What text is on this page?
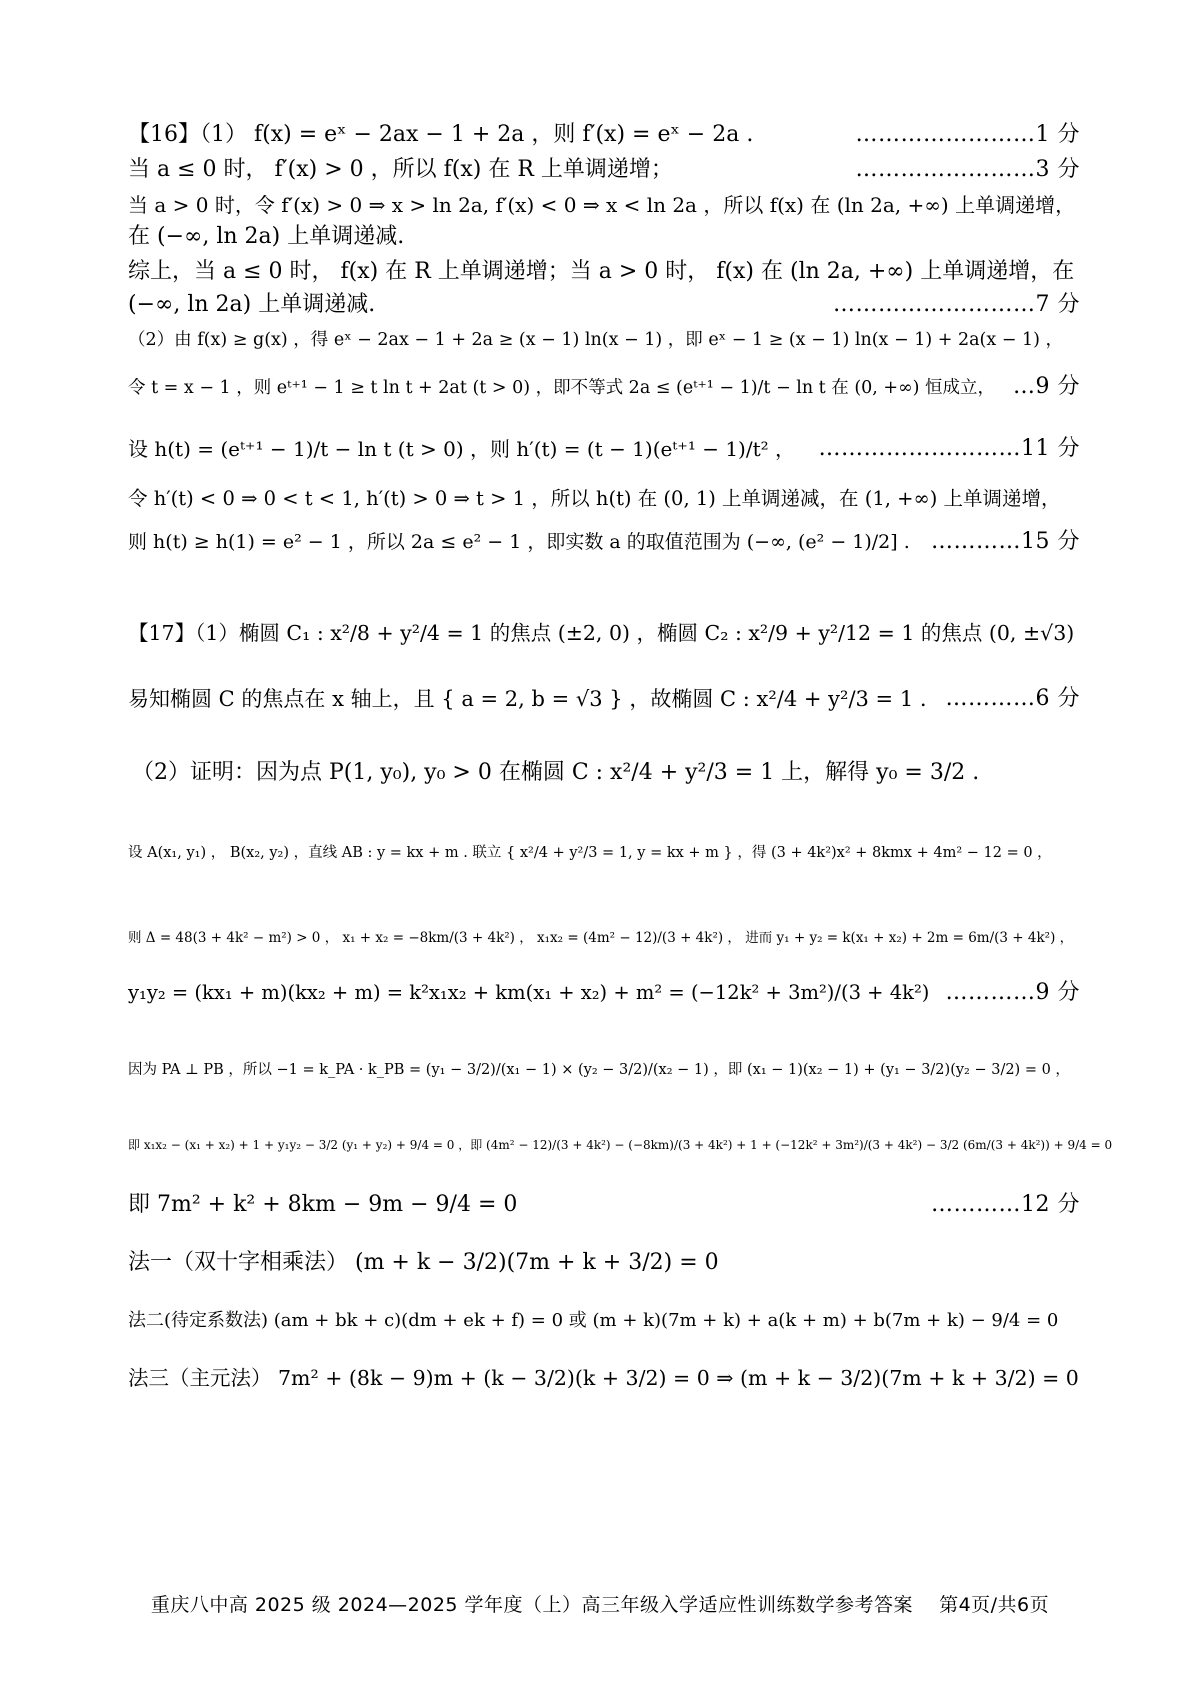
【16】（1） f(x) = eˣ − 2ax − 1 + 2a ，则 f′(x) = eˣ − 2a .	……………………1 分
当 a ≤ 0 时， f′(x) > 0 ，所以 f(x) 在 R 上单调递增；	……………………3 分
当 a > 0 时，令 f′(x) > 0 ⇒ x > ln 2a, f′(x) < 0 ⇒ x < ln 2a ，所以 f(x) 在 (ln 2a, +∞) 上单调递增，
在 (−∞, ln 2a) 上单调递减.
综上，当 a ≤ 0 时， f(x) 在 R 上单调递增；当 a > 0 时， f(x) 在 (ln 2a, +∞) 上单调递增，在
(−∞, ln 2a) 上单调递减.	………………………7 分
（2）由 f(x) ≥ g(x) ，得 eˣ − 2ax − 1 + 2a ≥ (x − 1) ln(x − 1) ，即 eˣ − 1 ≥ (x − 1) ln(x − 1) + 2a(x − 1) ，
令 t = x − 1 ，则 eᵗ⁺¹ − 1 ≥ t ln t + 2at (t > 0) ，即不等式 2a ≤ (eᵗ⁺¹ − 1)/t − ln t 在 (0, +∞) 恒成立， …9 分
设 h(t) = (eᵗ⁺¹ − 1)/t − ln t (t > 0) ，则 h′(t) = (t − 1)(eᵗ⁺¹ − 1)/t² ， ………………………11 分
令 h′(t) < 0 ⇒ 0 < t < 1, h′(t) > 0 ⇒ t > 1 ，所以 h(t) 在 (0, 1) 上单调递减，在 (1, +∞) 上单调递增，
则 h(t) ≥ h(1) = e² − 1 ，所以 2a ≤ e² − 1 ，即实数 a 的取值范围为 (−∞, (e² − 1)/2] . …………15 分
【17】（1）椭圆 C₁ : x²/8 + y²/4 = 1 的焦点 (±2, 0) ，椭圆 C₂ : x²/9 + y²/12 = 1 的焦点 (0, ±√3)
易知椭圆 C 的焦点在 x 轴上，且 { a = 2, b = √3 } ，故椭圆 C : x²/4 + y²/3 = 1 . …………6 分
（2）证明：因为点 P(1, y₀), y₀ > 0 在椭圆 C : x²/4 + y²/3 = 1 上，解得 y₀ = 3/2 .
设 A(x₁, y₁) ， B(x₂, y₂) ，直线 AB : y = kx + m . 联立 { x²/4 + y²/3 = 1, y = kx + m } ，得 (3 + 4k²)x² + 8kmx + 4m² − 12 = 0 ，
则 Δ = 48(3 + 4k² − m²) > 0 ， x₁ + x₂ = −8km/(3 + 4k²) ， x₁x₂ = (4m² − 12)/(3 + 4k²) ， 进而 y₁ + y₂ = k(x₁ + x₂) + 2m = 6m/(3 + 4k²) ，
y₁y₂ = (kx₁ + m)(kx₂ + m) = k²x₁x₂ + km(x₁ + x₂) + m² = (−12k² + 3m²)/(3 + 4k²) …………9 分
因为 PA ⊥ PB ，所以 −1 = k_PA · k_PB = (y₁ − 3/2)/(x₁ − 1) × (y₂ − 3/2)/(x₂ − 1) ，即 (x₁ − 1)(x₂ − 1) + (y₁ − 3/2)(y₂ − 3/2) = 0 ，
即 x₁x₂ − (x₁ + x₂) + 1 + y₁y₂ − 3/2 (y₁ + y₂) + 9/4 = 0 ，即 (4m² − 12)/(3 + 4k²) − (−8km)/(3 + 4k²) + 1 + (−12k² + 3m²)/(3 + 4k²) − 3/2 (6m/(3 + 4k²)) + 9/4 = 0
即 7m² + k² + 8km − 9m − 9/4 = 0	…………12 分
法一（双十字相乘法） (m + k − 3/2)(7m + k + 3/2) = 0
法二(待定系数法) (am + bk + c)(dm + ek + f) = 0 或 (m + k)(7m + k) + a(k + m) + b(7m + k) − 9/4 = 0
法三（主元法） 7m² + (8k − 9)m + (k − 3/2)(k + 3/2) = 0 ⇒ (m + k − 3/2)(7m + k + 3/2) = 0
重庆八中高 2025 级 2024—2025 学年度（上）高三年级入学适应性训练数学参考答案 第4页/共6页
